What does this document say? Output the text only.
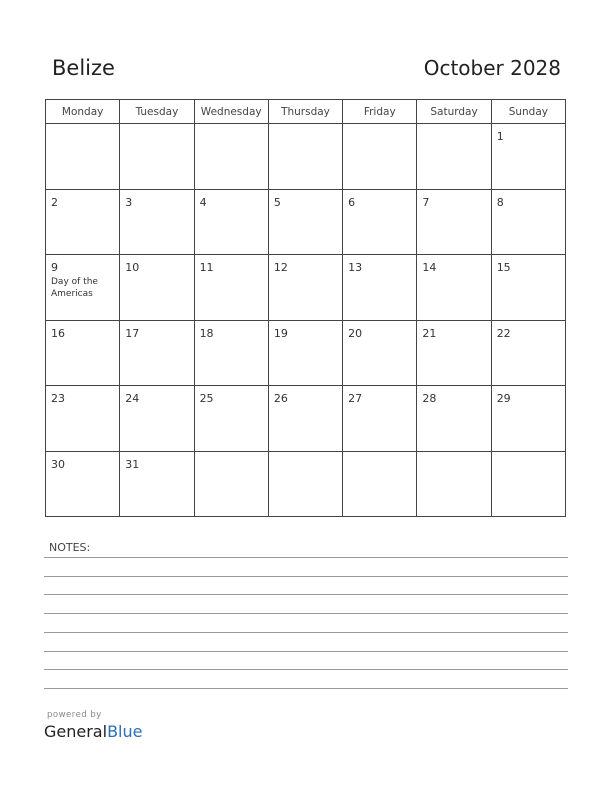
Belize	October 2028
Monday	Tuesday	Wednesday	Thursday	Friday	Saturday	Sunday

						1

2	3	4	5	6	7	8

9
Day of the Americas	10	11	12	13	14	15

16	17	18	19	20	21	22

23	24	25	26	27	28	29

30	31					

NOTES:
powered by
GeneralBlue
